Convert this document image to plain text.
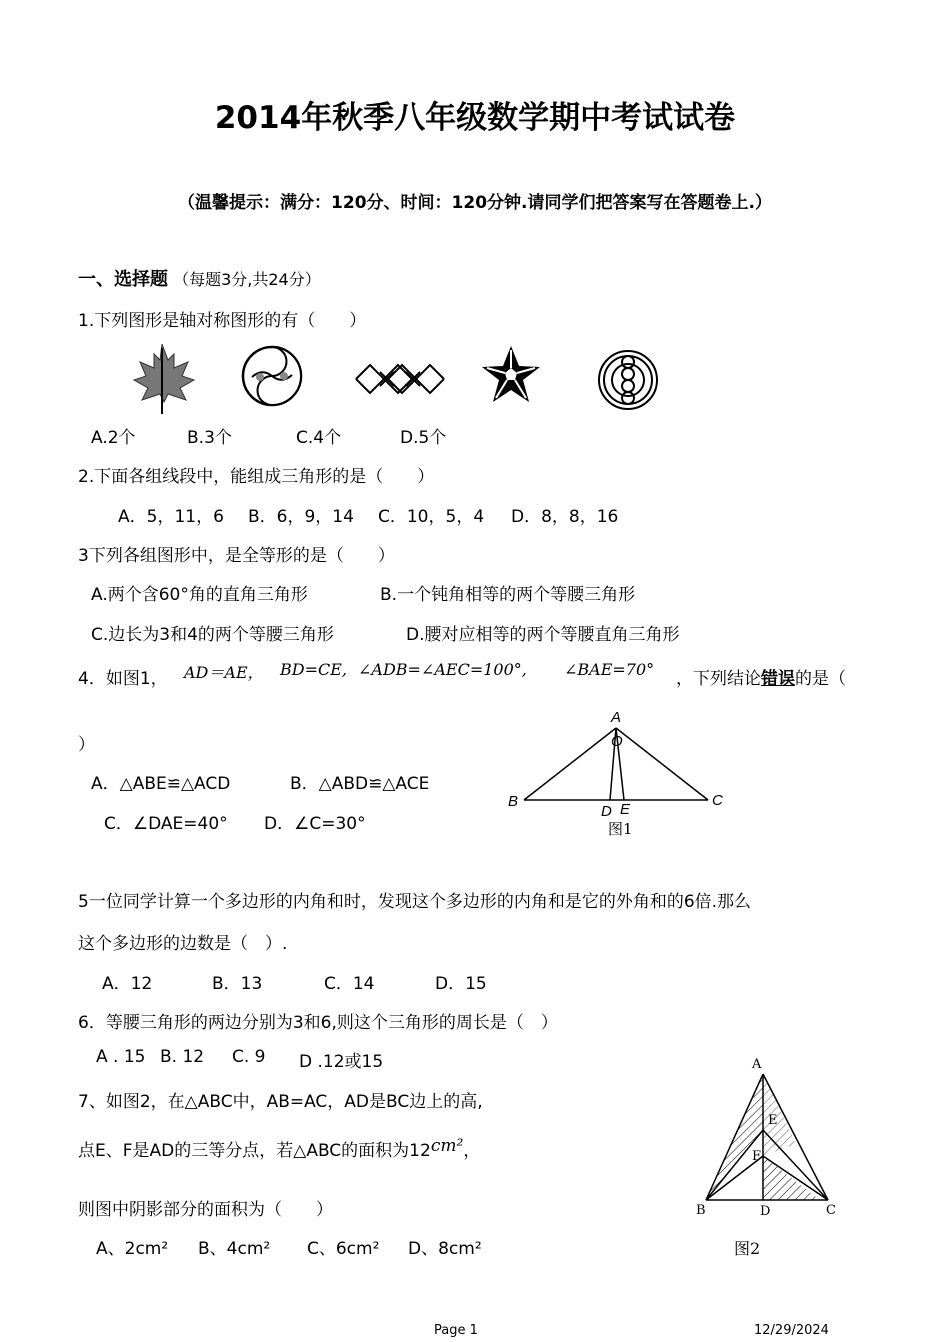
2014年秋季八年级数学期中考试试卷
（温馨提示：满分：120分、时间：120分钟.请同学们把答案写在答题卷上.）
一、选择题 （每题3分,共24分）
1.下列图形是轴对称图形的有（　　）
A.2个	B.3个	C.4个	D.5个
2.下面各组线段中，能组成三角形的是（　　）
A．5，11，6 B．6，9，14 C．10，5，4 D．8，8，16
3下列各组图形中，是全等形的是（　　）
A.两个含60°角的直角三角形	B.一个钝角相等的两个等腰三角形
C.边长为3和4的两个等腰三角形	D.腰对应相等的两个等腰直角三角形
4．如图1， AD＝AE， BD=CE, ∠ADB=∠AEC=100°, ∠BAE=70° ，下列结论错误的是（
）
A．△ABE≌△ACD	B．△ABD≌△ACE
C．∠DAE=40° D．∠C=30°
A
O
B	C
D E
图1
5一位同学计算一个多边形的内角和时，发现这个多边形的内角和是它的外角和的6倍.那么
这个多边形的边数是（　）.
A．12	B．13	C．14	D．15
6．等腰三角形的两边分别为3和6,则这个三角形的周长是（　）
A . 15 B. 12 C. 9 D .12或15
7、如图2，在△ABC中，AB=AC，AD是BC边上的高,
点E、F是AD的三等分点，若△ABC的面积为12cm²，
则图中阴影部分的面积为（　　）
A、2cm² B、4cm² C、6cm² D、8cm²
A
E
F
B	D	C
图2
Page 1	12/29/2024
